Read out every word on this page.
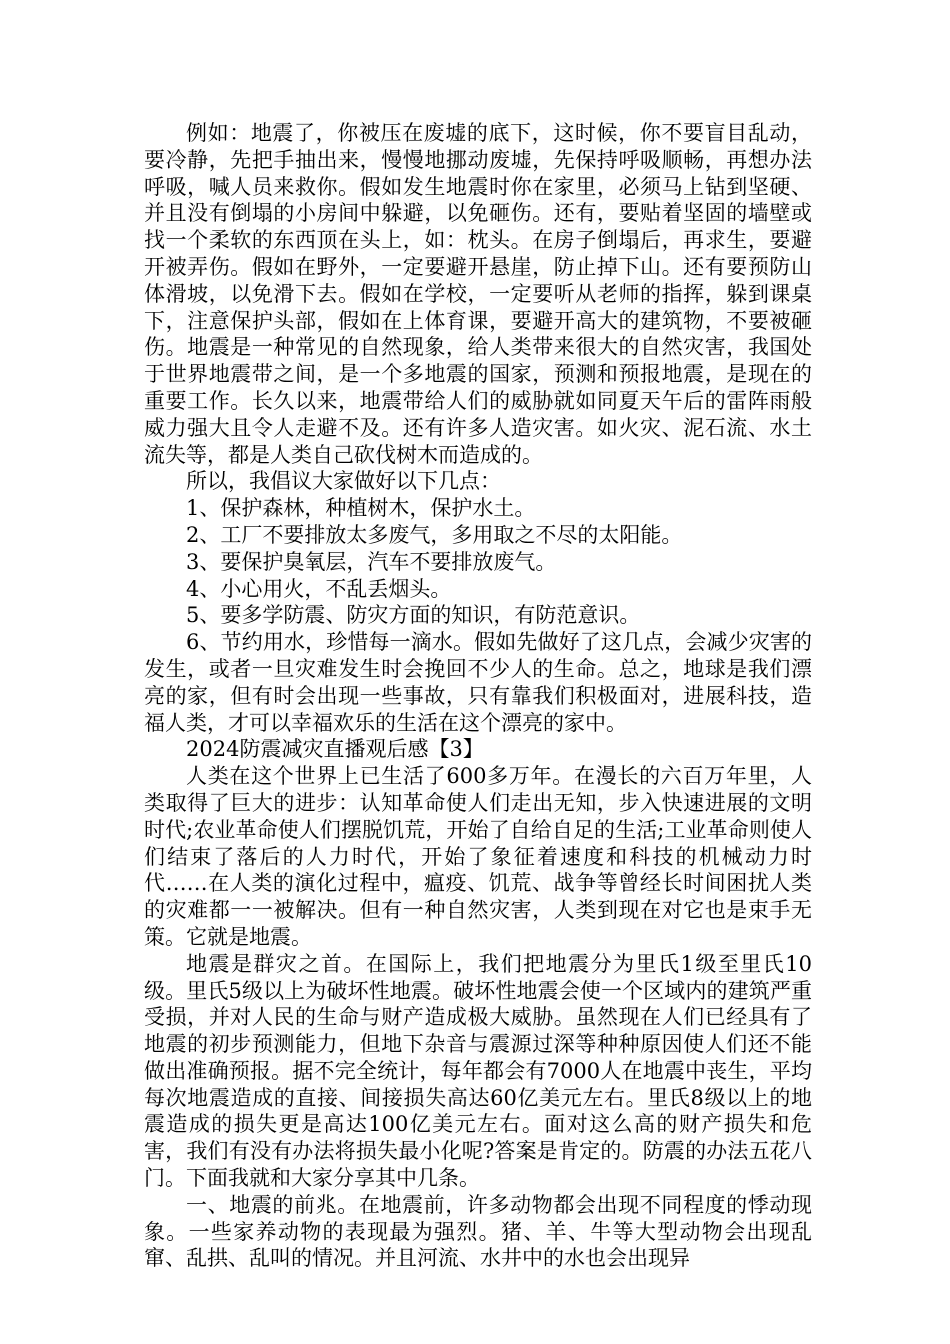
例如：地震了，你被压在废墟的底下，这时候，你不要盲目乱动，要冷静，先把手抽出来，慢慢地挪动废墟，先保持呼吸顺畅，再想办法呼吸，喊人员来救你。假如发生地震时你在家里，必须马上钻到坚硬、并且没有倒塌的小房间中躲避，以免砸伤。还有，要贴着坚固的墙壁或找一个柔软的东西顶在头上，如：枕头。在房子倒塌后，再求生，要避开被弄伤。假如在野外，一定要避开悬崖，防止掉下山。还有要预防山体滑坡，以免滑下去。假如在学校，一定要听从老师的指挥，躲到课桌下，注意保护头部，假如在上体育课，要避开高大的建筑物，不要被砸伤。地震是一种常见的自然现象，给人类带来很大的自然灾害，我国处于世界地震带之间，是一个多地震的国家，预测和预报地震，是现在的重要工作。长久以来，地震带给人们的威胁就如同夏天午后的雷阵雨般威力强大且令人走避不及。还有许多人造灾害。如火灾、泥石流、水土流失等，都是人类自己砍伐树木而造成的。

所以，我倡议大家做好以下几点：

1、保护森林，种植树木，保护水土。

2、工厂不要排放太多废气，多用取之不尽的太阳能。

3、要保护臭氧层，汽车不要排放废气。

4、小心用火，不乱丢烟头。

5、要多学防震、防灾方面的知识，有防范意识。

6、节约用水，珍惜每一滴水。假如先做好了这几点，会减少灾害的发生，或者一旦灾难发生时会挽回不少人的生命。总之，地球是我们漂亮的家，但有时会出现一些事故，只有靠我们积极面对，进展科技，造福人类，才可以幸福欢乐的生活在这个漂亮的家中。

2024防震减灾直播观后感【3】

人类在这个世界上已生活了600多万年。在漫长的六百万年里，人类取得了巨大的进步：认知革命使人们走出无知，步入快速进展的文明时代;农业革命使人们摆脱饥荒，开始了自给自足的生活;工业革命则使人们结束了落后的人力时代，开始了象征着速度和科技的机械动力时代……在人类的演化过程中，瘟疫、饥荒、战争等曾经长时间困扰人类的灾难都一一被解决。但有一种自然灾害，人类到现在对它也是束手无策。它就是地震。

地震是群灾之首。在国际上，我们把地震分为里氏1级至里氏10级。里氏5级以上为破坏性地震。破坏性地震会使一个区域内的建筑严重受损，并对人民的生命与财产造成极大威胁。虽然现在人们已经具有了地震的初步预测能力，但地下杂音与震源过深等种种原因使人们还不能做出准确预报。据不完全统计，每年都会有7000人在地震中丧生，平均每次地震造成的直接、间接损失高达60亿美元左右。里氏8级以上的地震造成的损失更是高达100亿美元左右。面对这么高的财产损失和危害，我们有没有办法将损失最小化呢?答案是肯定的。防震的办法五花八门。下面我就和大家分享其中几条。

一、地震的前兆。在地震前，许多动物都会出现不同程度的悸动现象。一些家养动物的表现最为强烈。猪、羊、牛等大型动物会出现乱窜、乱拱、乱叫的情况。并且河流、水井中的水也会出现异
